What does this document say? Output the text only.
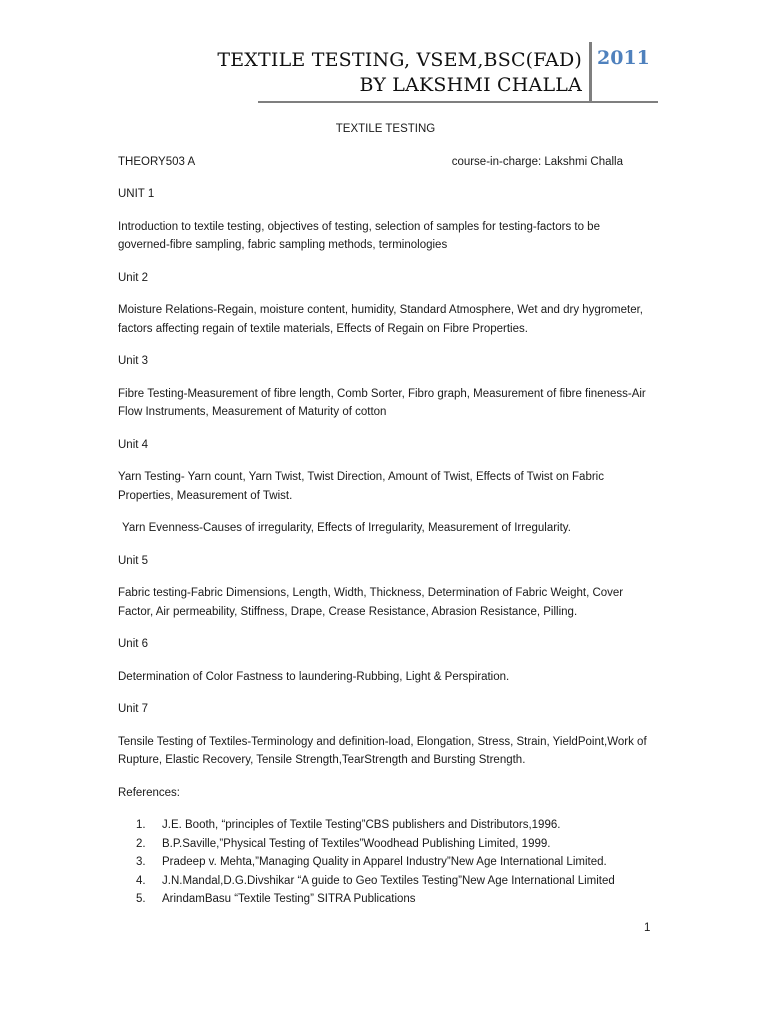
TEXTILE TESTING, VSEM,BSC(FAD)
BY LAKSHMI CHALLA
2011
TEXTILE TESTING
THEORY503 A	course-in-charge: Lakshmi Challa

UNIT 1

Introduction to textile testing, objectives of testing, selection of samples for testing-factors to be governed-fibre sampling, fabric sampling methods, terminologies

Unit 2

Moisture Relations-Regain, moisture content, humidity, Standard Atmosphere, Wet and dry hygrometer, factors affecting regain of textile materials, Effects of Regain on Fibre Properties.

Unit 3

Fibre Testing-Measurement of fibre length, Comb Sorter, Fibro graph, Measurement of fibre fineness-Air Flow Instruments, Measurement of Maturity of cotton

Unit 4

Yarn Testing- Yarn count, Yarn Twist, Twist Direction, Amount of Twist, Effects of Twist on Fabric Properties, Measurement of Twist.

Yarn Evenness-Causes of irregularity, Effects of Irregularity, Measurement of Irregularity.

Unit 5

Fabric testing-Fabric Dimensions, Length, Width, Thickness, Determination of Fabric Weight, Cover Factor, Air permeability, Stiffness, Drape, Crease Resistance, Abrasion Resistance, Pilling.

Unit 6

Determination of Color Fastness to laundering-Rubbing, Light & Perspiration.

Unit 7

Tensile Testing of Textiles-Terminology and definition-load, Elongation, Stress, Strain, YieldPoint,Work of Rupture, Elastic Recovery, Tensile Strength,TearStrength and Bursting Strength.

References:

1.	J.E. Booth, “principles of Textile Testing”CBS publishers and Distributors,1996.
2.	B.P.Saville,”Physical Testing of Textiles”Woodhead Publishing Limited, 1999.
3.	Pradeep v. Mehta,”Managing Quality in Apparel Industry”New Age International Limited.
4.	J.N.Mandal,D.G.Divshikar “A guide to Geo Textiles Testing”New Age International Limited
5.	ArindamBasu “Textile Testing” SITRA Publications
1
